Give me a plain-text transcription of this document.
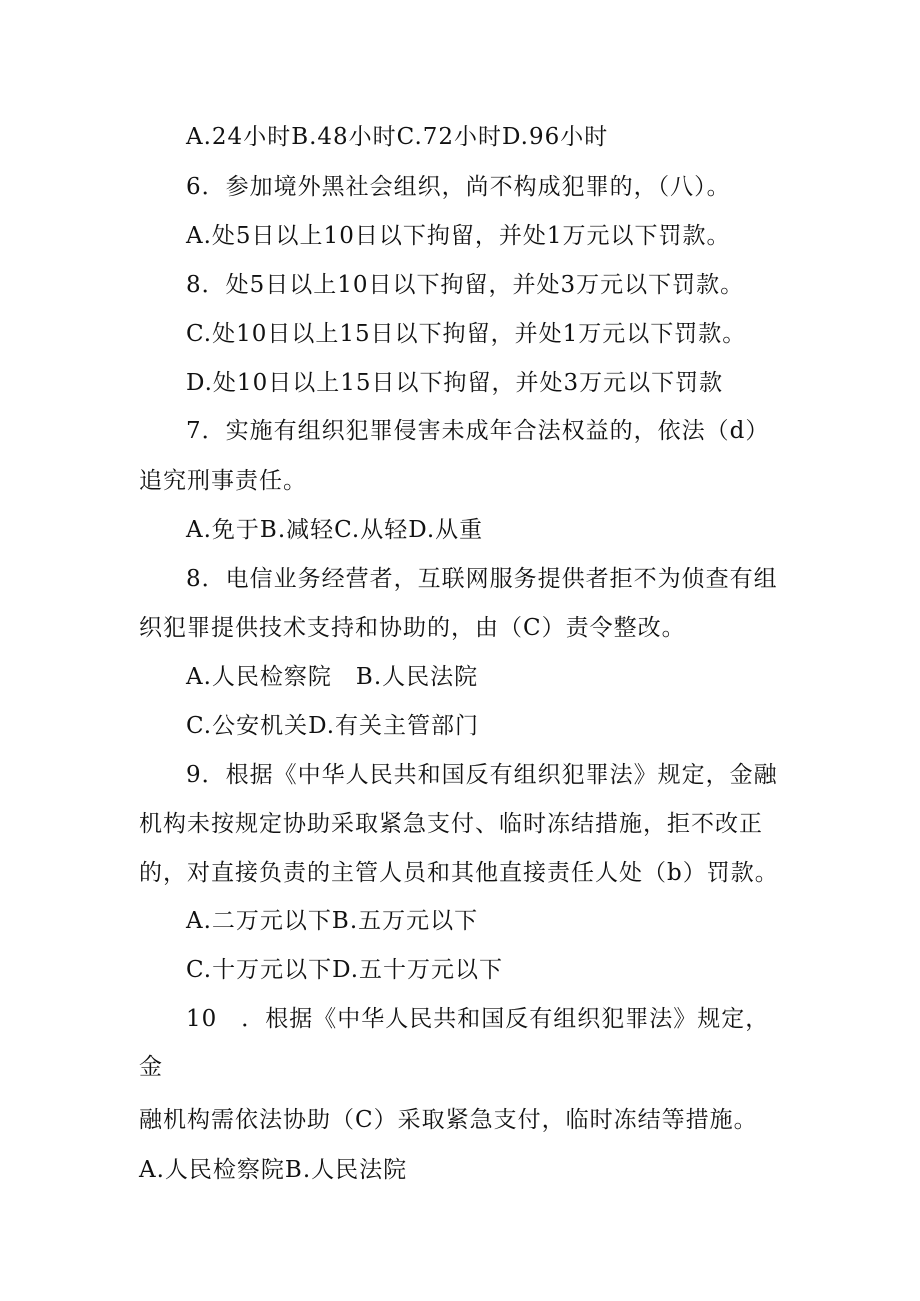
A.24小时B.48小时C.72小时D.96小时
6．参加境外黑社会组织，尚不构成犯罪的，（八）。
A.处5日以上10日以下拘留，并处1万元以下罚款。
8．处5日以上10日以下拘留，并处3万元以下罚款。
C.处10日以上15日以下拘留，并处1万元以下罚款。
D.处10日以上15日以下拘留，并处3万元以下罚款
7．实施有组织犯罪侵害未成年合法权益的，依法（d）
追究刑事责任。
A.免于B.减轻C.从轻D.从重
8．电信业务经营者，互联网服务提供者拒不为侦查有组
织犯罪提供技术支持和协助的，由（C）责令整改。
A.人民检察院　B.人民法院
C.公安机关D.有关主管部门
9．根据《中华人民共和国反有组织犯罪法》规定，金融
机构未按规定协助采取紧急支付、临时冻结措施，拒不改正
的，对直接负责的主管人员和其他直接责任人处（b）罚款。
A.二万元以下B.五万元以下
C.十万元以下D.五十万元以下
10　．根据《中华人民共和国反有组织犯罪法》规定，
金
融机构需依法协助（C）采取紧急支付，临时冻结等措施。
A.人民检察院B.人民法院
